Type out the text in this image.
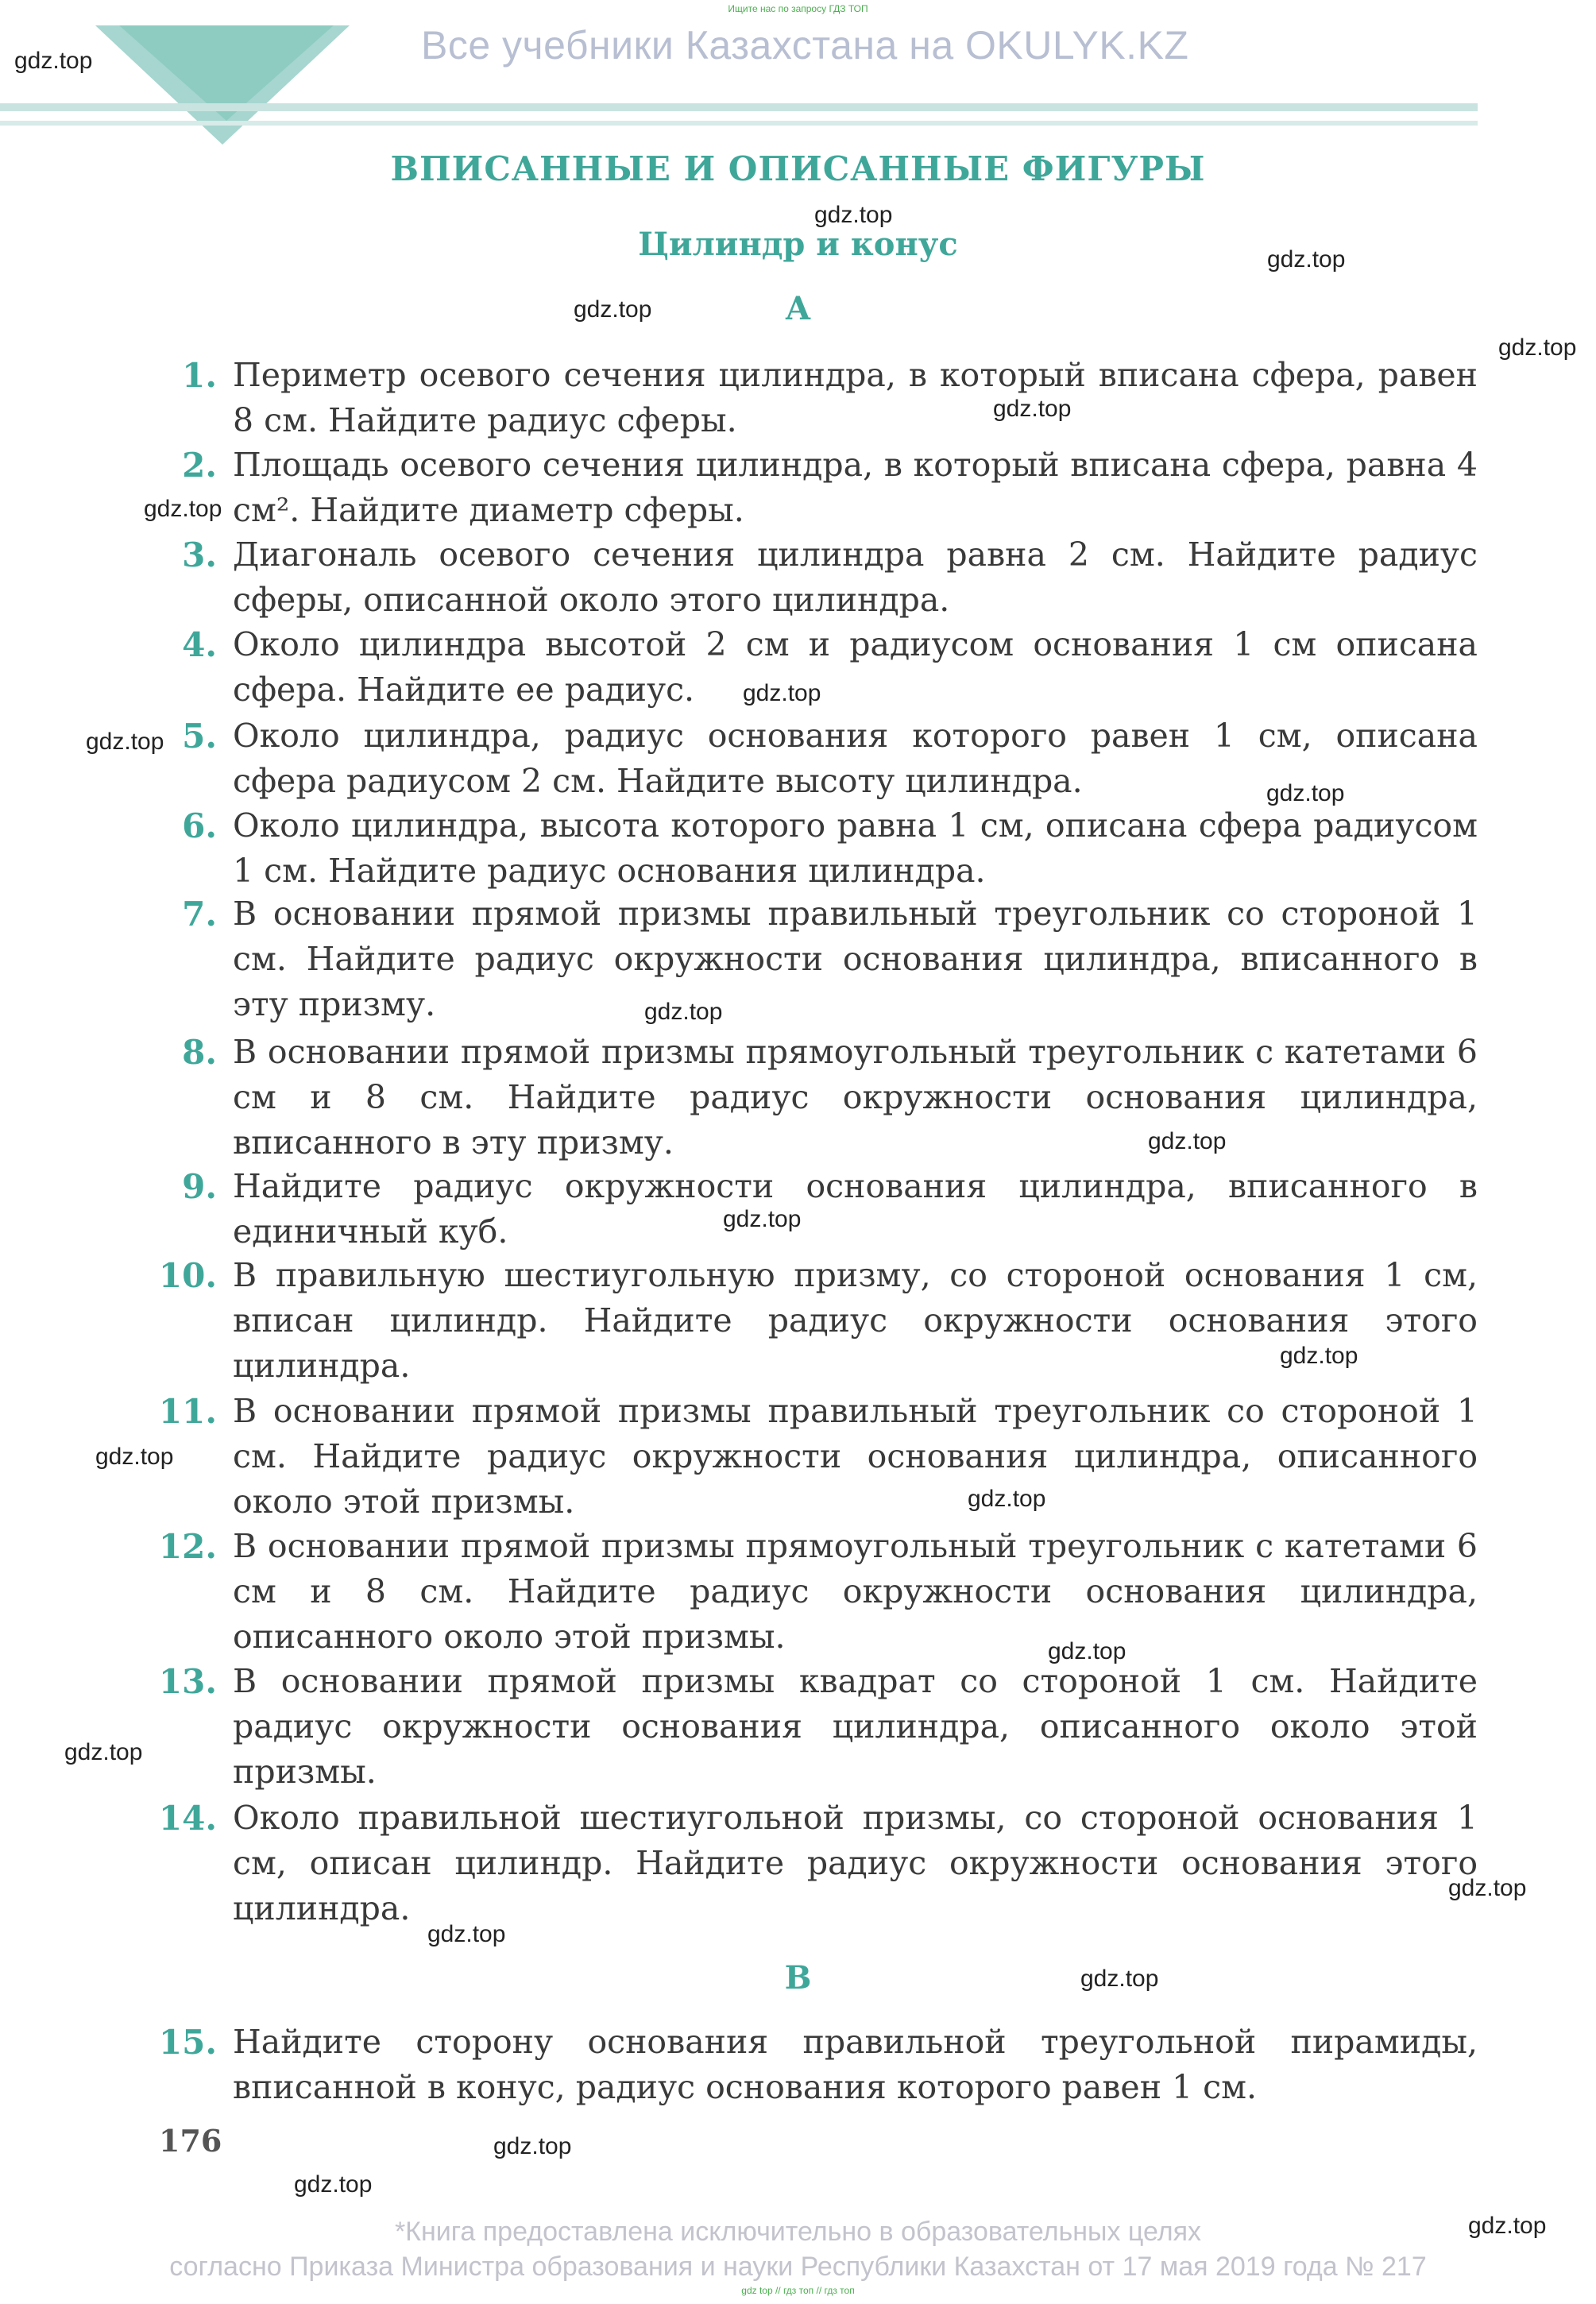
Ищите нас по запросу ГДЗ ТОП
Все учебники Казахстана на OKULYK.KZ
ВПИСАННЫЕ И ОПИСАННЫЕ ФИГУРЫ
Цилиндр и конус
A
1. Периметр осевого сечения цилиндра, в который вписана сфера, равен 8 см. Найдите радиус сферы.
2. Площадь осевого сечения цилиндра, в который вписана сфера, равна 4 см². Найдите диаметр сферы.
3. Диагональ осевого сечения цилиндра равна 2 см. Найдите радиус сферы, описанной около этого цилиндра.
4. Около цилиндра высотой 2 см и радиусом основания 1 см описана сфера. Найдите ее радиус.
5. Около цилиндра, радиус основания которого равен 1 см, описана сфера радиусом 2 см. Найдите высоту цилиндра.
6. Около цилиндра, высота которого равна 1 см, описана сфера радиусом 1 см. Найдите радиус основания цилиндра.
7. В основании прямой призмы правильный треугольник со стороной 1 см. Найдите радиус окружности основания цилиндра, вписанного в эту призму.
8. В основании прямой призмы прямоугольный треугольник с катетами 6 см и 8 см. Найдите радиус окружности основания цилиндра, вписанного в эту призму.
9. Найдите радиус окружности основания цилиндра, вписанного в единичный куб.
10. В правильную шестиугольную призму, со стороной основания 1 см, вписан цилиндр. Найдите радиус окружности основания этого цилиндра.
11. В основании прямой призмы правильный треугольник со стороной 1 см. Найдите радиус окружности основания цилиндра, описанного около этой призмы.
12. В основании прямой призмы прямоугольный треугольник с катетами 6 см и 8 см. Найдите радиус окружности основания цилиндра, описанного около этой призмы.
13. В основании прямой призмы квадрат со стороной 1 см. Найдите радиус окружности основания цилиндра, описанного около этой призмы.
14. Около правильной шестиугольной призмы, со стороной основания 1 см, описан цилиндр. Найдите радиус окружности основания этого цилиндра.
B
15. Найдите сторону основания правильной треугольной пирамиды, вписанной в конус, радиус основания которого равен 1 см.
176
*Книга предоставлена исключительно в образовательных целях
согласно Приказа Министра образования и науки Республики Казахстан от 17 мая 2019 года № 217
gdz top // гдз топ // гдз топ
gdz.top
gdz.top
gdz.top
gdz.top
gdz.top
gdz.top
gdz.top
gdz.top
gdz.top
gdz.top
gdz.top
gdz.top
gdz.top
gdz.top
gdz.top
gdz.top
gdz.top
gdz.top
gdz.top
gdz.top
gdz.top
gdz.top
gdz.top
gdz.top
